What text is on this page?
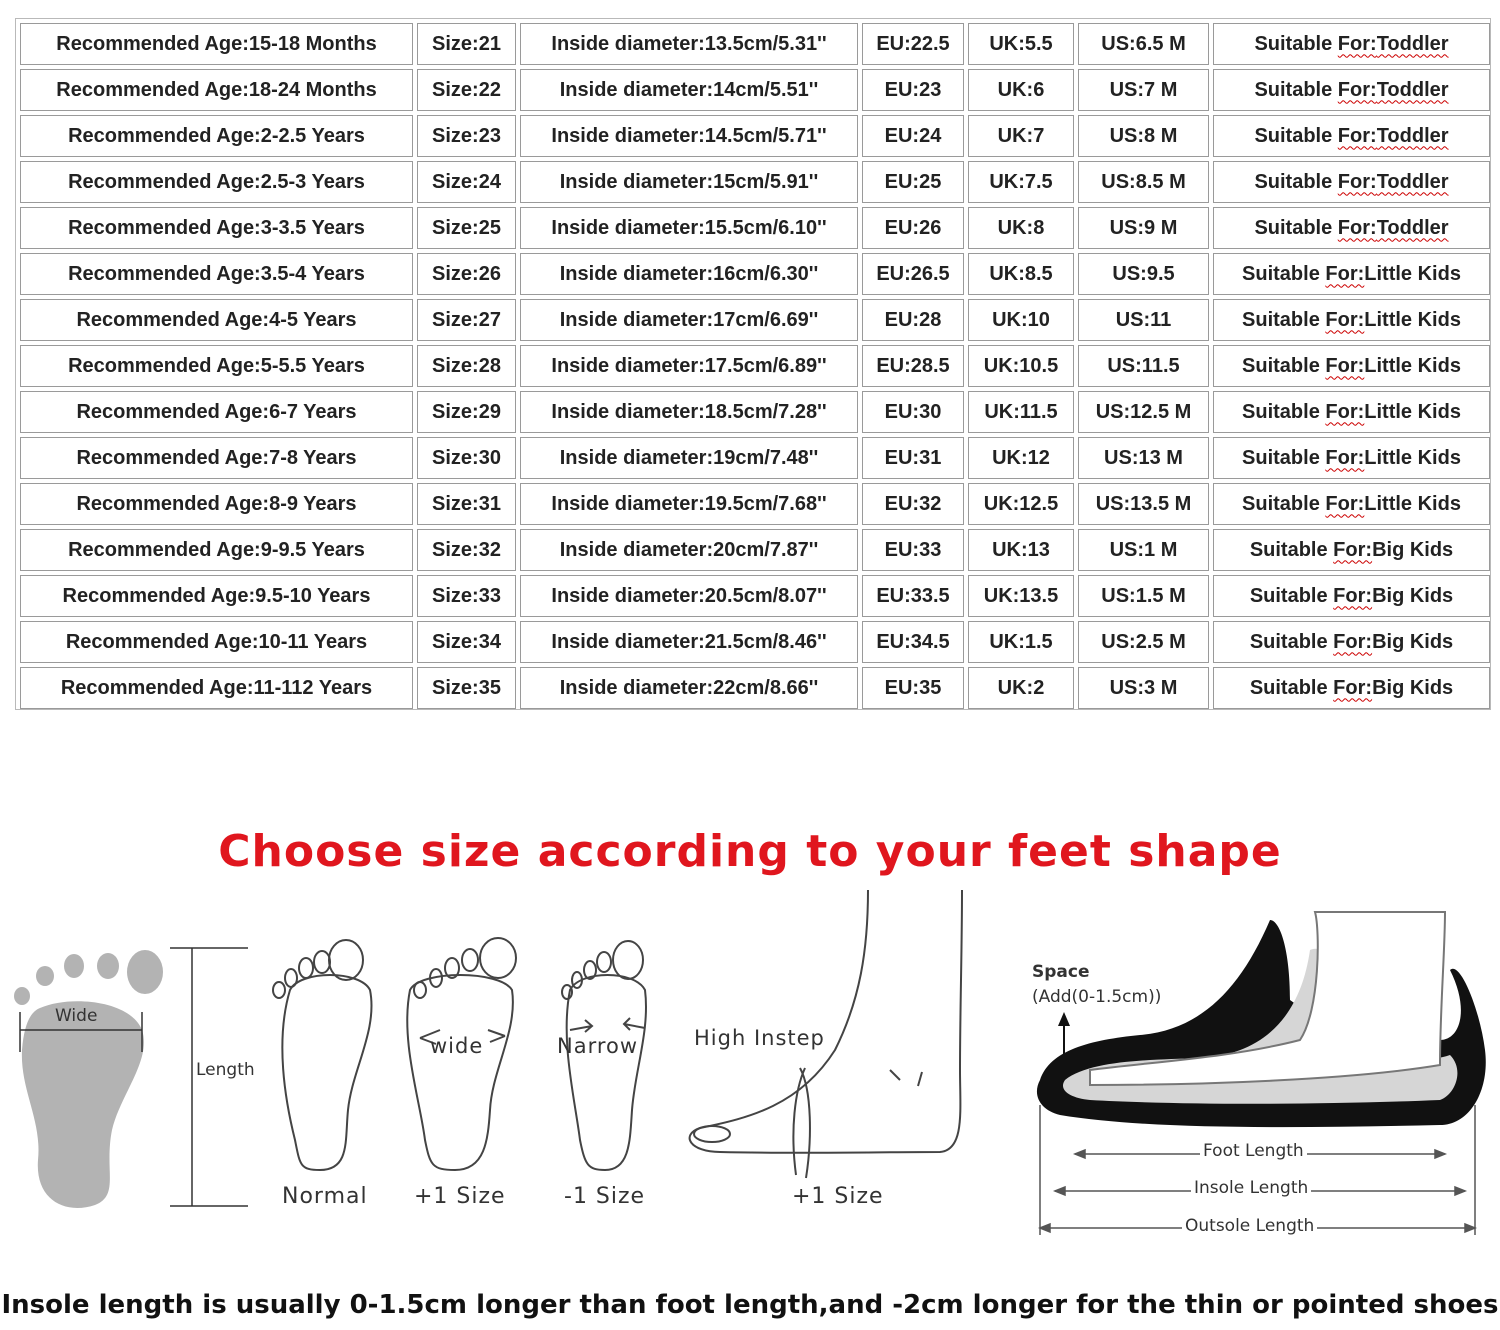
Recommended Age:15-18 Months	Size:21	Inside diameter:13.5cm/5.31''	EU:22.5	UK:5.5	US:6.5 M	Suitable For:Toddler
Recommended Age:18-24 Months	Size:22	Inside diameter:14cm/5.51''	EU:23	UK:6	US:7 M	Suitable For:Toddler
Recommended Age:2-2.5 Years	Size:23	Inside diameter:14.5cm/5.71''	EU:24	UK:7	US:8 M	Suitable For:Toddler
Recommended Age:2.5-3 Years	Size:24	Inside diameter:15cm/5.91''	EU:25	UK:7.5	US:8.5 M	Suitable For:Toddler
Recommended Age:3-3.5 Years	Size:25	Inside diameter:15.5cm/6.10''	EU:26	UK:8	US:9 M	Suitable For:Toddler
Recommended Age:3.5-4 Years	Size:26	Inside diameter:16cm/6.30''	EU:26.5	UK:8.5	US:9.5	Suitable For:Little Kids
Recommended Age:4-5 Years	Size:27	Inside diameter:17cm/6.69''	EU:28	UK:10	US:11	Suitable For:Little Kids
Recommended Age:5-5.5 Years	Size:28	Inside diameter:17.5cm/6.89''	EU:28.5	UK:10.5	US:11.5	Suitable For:Little Kids
Recommended Age:6-7 Years	Size:29	Inside diameter:18.5cm/7.28''	EU:30	UK:11.5	US:12.5 M	Suitable For:Little Kids
Recommended Age:7-8 Years	Size:30	Inside diameter:19cm/7.48''	EU:31	UK:12	US:13 M	Suitable For:Little Kids
Recommended Age:8-9 Years	Size:31	Inside diameter:19.5cm/7.68''	EU:32	UK:12.5	US:13.5 M	Suitable For:Little Kids
Recommended Age:9-9.5 Years	Size:32	Inside diameter:20cm/7.87''	EU:33	UK:13	US:1 M	Suitable For:Big Kids
Recommended Age:9.5-10 Years	Size:33	Inside diameter:20.5cm/8.07''	EU:33.5	UK:13.5	US:1.5 M	Suitable For:Big Kids
Recommended Age:10-11 Years	Size:34	Inside diameter:21.5cm/8.46''	EU:34.5	UK:1.5	US:2.5 M	Suitable For:Big Kids
Recommended Age:11-112 Years	Size:35	Inside diameter:22cm/8.66''	EU:35	UK:2	US:3 M	Suitable For:Big Kids
Choose size according to your feet shape
Wide
Length
Normal
wide
+1 Size
Narrow
-1 Size
High Instep
+1 Size
Space
(Add(0-1.5cm))
Foot Length
Insole Length
Outsole Length
Insole length is usually 0-1.5cm longer than foot length,and -2cm longer for the thin or pointed shoes
